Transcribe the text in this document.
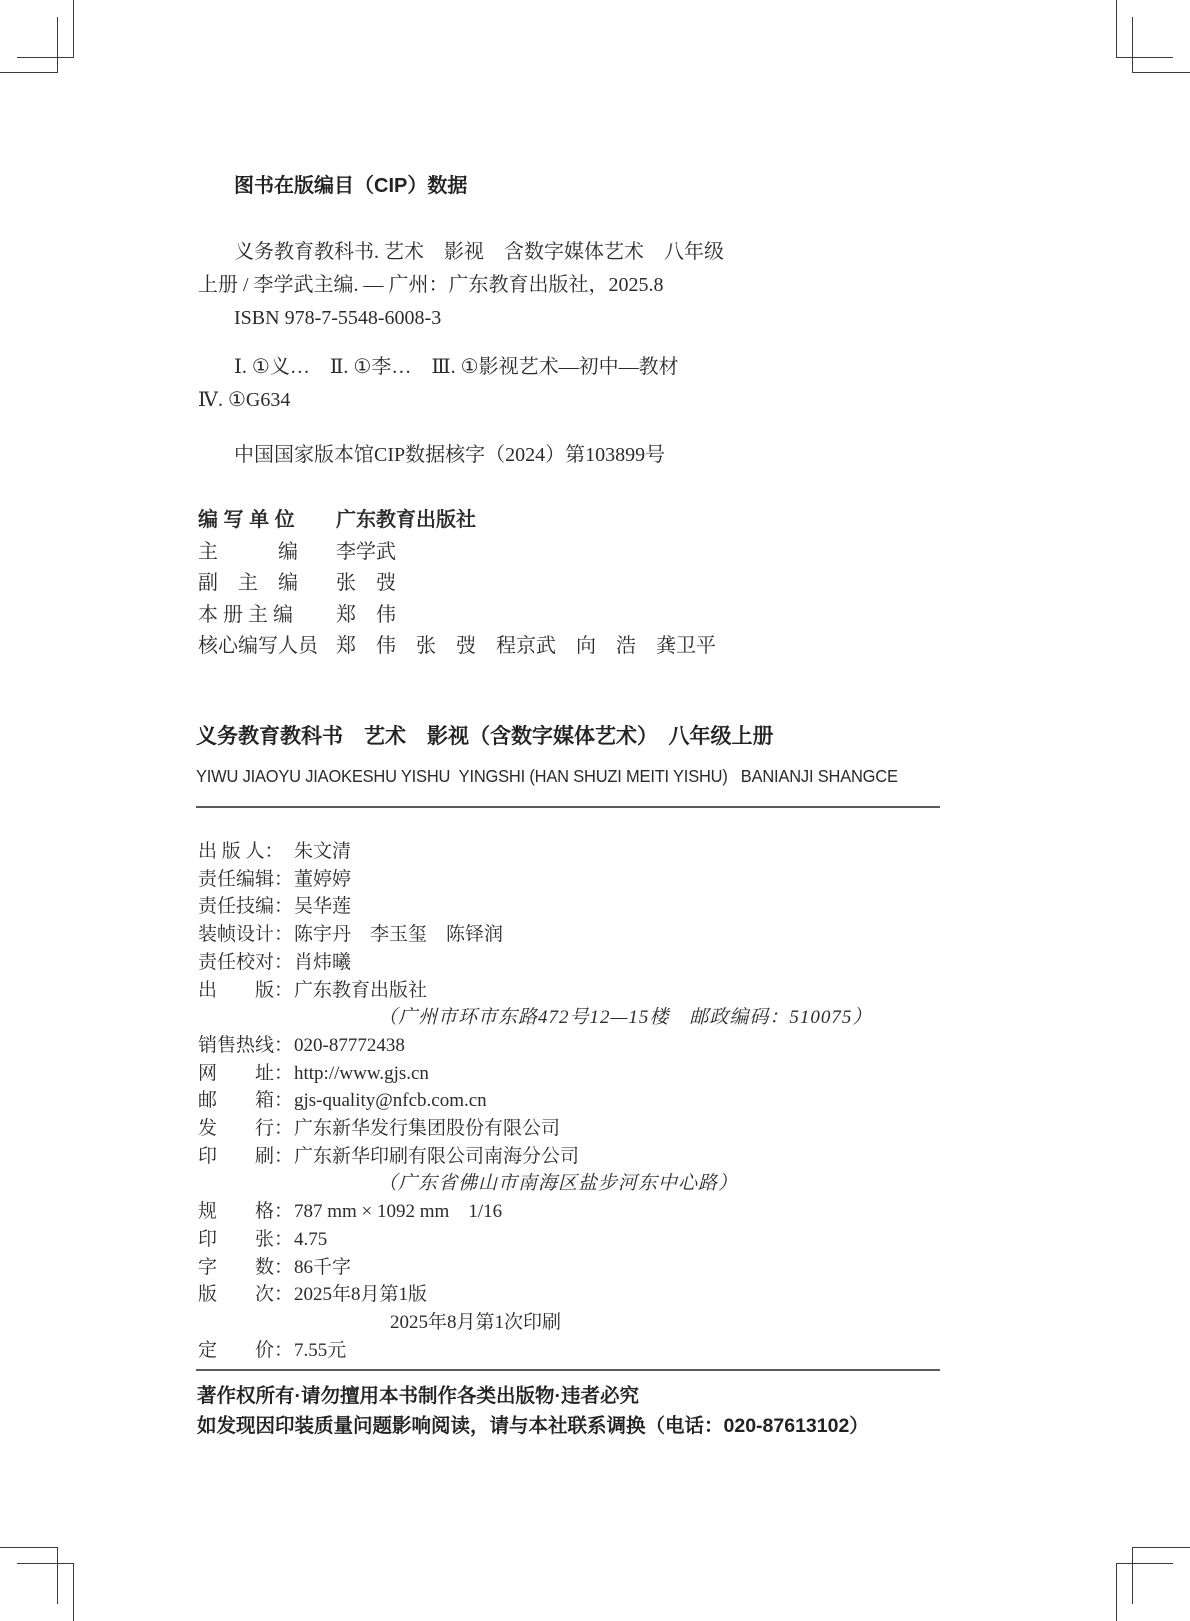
图书在版编目（CIP）数据
义务教育教科书. 艺术　影视　含数字媒体艺术　八年级
上册 / 李学武主编. — 广州：广东教育出版社，2025.8
ISBN 978-7-5548-6008-3
Ⅰ. ①义…　Ⅱ. ①李…　Ⅲ. ①影视艺术—初中—教材
Ⅳ. ①G634
中国国家版本馆CIP数据核字（2024）第103899号
编 写 单 位	广东教育出版社
主　　　编	李学武
副　主　编	张　弢
本 册 主 编	郑　伟
核心编写人员 郑　伟　张　弢　程京武　向　浩　龚卫平
义务教育教科书　艺术　影视（含数字媒体艺术）　八年级上册
YIWU JIAOYU JIAOKESHU YISHU  YINGSHI (HAN SHUZI MEITI YISHU)   BANIANJI SHANGCE
出 版 人： 朱文清
责任编辑： 董婷婷
责任技编： 吴华莲
装帧设计： 陈宇丹　李玉玺　陈铎润
责任校对： 肖炜曦
出　　版： 广东教育出版社
（广州市环市东路472号12—15楼　邮政编码：510075）
销售热线： 020-87772438
网　　址： http://www.gjs.cn
邮　　箱： gjs-quality@nfcb.com.cn
发　　行： 广东新华发行集团股份有限公司
印　　刷： 广东新华印刷有限公司南海分公司
（广东省佛山市南海区盐步河东中心路）
规　　格： 787 mm × 1092 mm　1/16
印　　张： 4.75
字　　数： 86千字
版　　次： 2025年8月第1版
2025年8月第1次印刷
定　　价： 7.55元
著作权所有·请勿擅用本书制作各类出版物·违者必究
如发现因印装质量问题影响阅读，请与本社联系调换（电话：020-87613102）
